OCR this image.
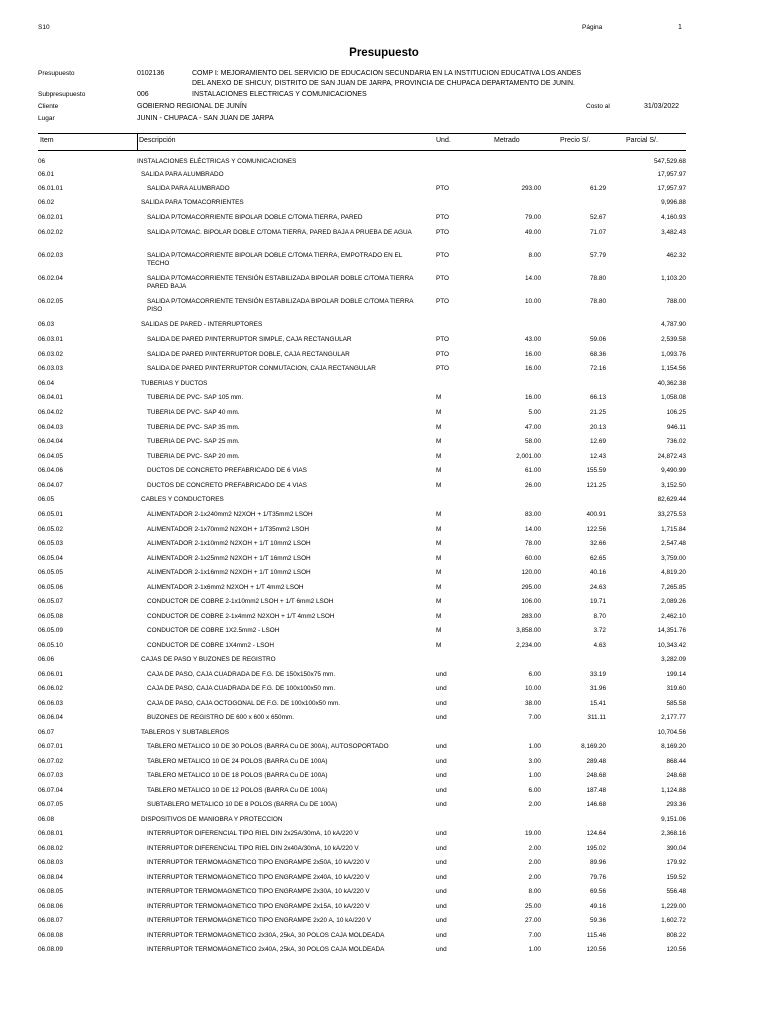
S10	Página	1
Presupuesto
Presupuesto	0102136	COMP I: MEJORAMIENTO DEL SERVICIO DE EDUCACION SECUNDARIA EN LA INSTITUCION EDUCATIVA LOS ANDES
DEL ANEXO DE SHICUY, DISTRITO DE SAN JUAN DE JARPA, PROVINCIA DE CHUPACA DEPARTAMENTO DE JUNIN.
Subpresupuesto	006	INSTALACIONES ELECTRICAS Y COMUNICACIONES
Cliente	GOBIERNO REGIONAL DE JUNÍN	Costo al	31/03/2022
Lugar	JUNIN - CHUPACA - SAN JUAN DE JARPA
Item	Descripción	Und.	Metrado	Precio S/.	Parcial S/.
06	INSTALACIONES ELÉCTRICAS Y COMUNICACIONES	547,529.68
06.01	SALIDA PARA ALUMBRADO	17,957.97
06.01.01	SALIDA PARA ALUMBRADO	PTO	293.00	61.29	17,957.97
06.02	SALIDA PARA TOMACORRIENTES	9,996.88
06.02.01	SALIDA P/TOMACORRIENTE BIPOLAR DOBLE C/TOMA TIERRA, PARED	PTO	79.00	52.67	4,160.93
06.02.02	SALIDA P/TOMAC. BIPOLAR DOBLE C/TOMA TIERRA, PARED BAJA A PRUEBA DE AGUA	PTO	49.00	71.07	3,482.43
06.02.03	SALIDA P/TOMACORRIENTE BIPOLAR DOBLE C/TOMA TIERRA, EMPOTRADO EN EL TECHO
PTO	8.00	57.79	462.32
06.02.04	SALIDA P/TOMACORRIENTE TENSIÓN ESTABILIZADA BIPOLAR DOBLE C/TOMA TIERRA PARED BAJA
PTO	14.00	78.80	1,103.20
06.02.05	SALIDA P/TOMACORRIENTE TENSIÓN ESTABILIZADA BIPOLAR DOBLE C/TOMA TIERRA PISO
PTO	10.00	78.80	788.00
06.03	SALIDAS DE PARED - INTERRUPTORES	4,787.90
06.03.01	SALIDA DE PARED P/INTERRUPTOR SIMPLE, CAJA RECTANGULAR	PTO	43.00	59.06	2,539.58
06.03.02	SALIDA DE PARED P/INTERRUPTOR DOBLE, CAJA RECTANGULAR	PTO	16.00	68.36	1,093.76
06.03.03	SALIDA DE PARED P/INTERRUPTOR CONMUTACION, CAJA RECTANGULAR	PTO	16.00	72.16	1,154.56
06.04	TUBERIAS Y DUCTOS	40,362.38
06.04.01	TUBERIA DE PVC- SAP 105 mm.	M	16.00	66.13	1,058.08
06.04.02	TUBERIA DE PVC- SAP 40 mm.	M	5.00	21.25	106.25
06.04.03	TUBERIA DE PVC- SAP 35 mm.	M	47.00	20.13	946.11
06.04.04	TUBERIA DE PVC- SAP 25 mm.	M	58.00	12.69	736.02
06.04.05	TUBERIA DE PVC- SAP 20 mm.	M	2,001.00	12.43	24,872.43
06.04.06	DUCTOS DE CONCRETO PREFABRICADO DE 6 VIAS	M	61.00	155.59	9,490.99
06.04.07	DUCTOS DE CONCRETO PREFABRICADO DE 4 VIAS	M	26.00	121.25	3,152.50
06.05	CABLES Y CONDUCTORES	82,629.44
06.05.01	ALIMENTADOR 2-1x240mm2 N2XOH + 1/T35mm2 LSOH	M	83.00	400.91	33,275.53
06.05.02	ALIMENTADOR 2-1x70mm2 N2XOH + 1/T35mm2 LSOH	M	14.00	122.56	1,715.84
06.05.03	ALIMENTADOR 2-1x10mm2 N2XOH + 1/T 10mm2 LSOH	M	78.00	32.66	2,547.48
06.05.04	ALIMENTADOR 2-1x25mm2 N2XOH + 1/T 16mm2 LSOH	M	60.00	62.65	3,759.00
06.05.05	ALIMENTADOR 2-1x16mm2 N2XOH + 1/T 10mm2 LSOH	M	120.00	40.16	4,819.20
06.05.06	ALIMENTADOR 2-1x6mm2 N2XOH + 1/T 4mm2 LSOH	M	295.00	24.63	7,265.85
06.05.07	CONDUCTOR DE COBRE 2-1x10mm2 LSOH + 1/T 6mm2 LSOH	M	106.00	19.71	2,089.26
06.05.08	CONDUCTOR DE COBRE 2-1x4mm2 N2XOH + 1/T 4mm2 LSOH	M	283.00	8.70	2,462.10
06.05.09	CONDUCTOR DE COBRE 1X2.5mm2 - LSOH	M	3,858.00	3.72	14,351.76
06.05.10	CONDUCTOR DE COBRE 1X4mm2 - LSOH	M	2,234.00	4.63	10,343.42
06.06	CAJAS DE PASO Y BUZONES DE REGISTRO	3,282.09
06.06.01	CAJA DE PASO, CAJA CUADRADA DE F.G. DE 150x150x75 mm.	und	6.00	33.19	199.14
06.06.02	CAJA DE PASO, CAJA CUADRADA DE F.G. DE 100x100x50 mm.	und	10.00	31.96	319.60
06.06.03	CAJA DE PASO, CAJA OCTOGONAL DE F.G. DE 100x100x50 mm.	und	38.00	15.41	585.58
06.06.04	BUZONES DE REGISTRO DE 600 x 600 x 650mm.	und	7.00	311.11	2,177.77
06.07	TABLEROS Y SUBTABLEROS	10,704.56
06.07.01	TABLERO METALICO 10 DE 30 POLOS (BARRA Cu DE 300A), AUTOSOPORTADO	und	1.00	8,169.20	8,169.20
06.07.02	TABLERO METALICO 10 DE 24 POLOS (BARRA Cu DE 100A)	und	3.00	289.48	868.44
06.07.03	TABLERO METALICO 10 DE 18 POLOS (BARRA Cu DE 100A)	und	1.00	248.68	248.68
06.07.04	TABLERO METALICO 10 DE 12 POLOS (BARRA Cu DE 100A)	und	6.00	187.48	1,124.88
06.07.05	SUBTABLERO METALICO 10 DE 8 POLOS (BARRA Cu DE 100A)	und	2.00	146.68	293.36
06.08	DISPOSITIVOS DE MANIOBRA Y PROTECCION	9,151.06
06.08.01	INTERRUPTOR DIFERENCIAL TIPO RIEL DIN 2x25A/30mA, 10 kA/220 V	und	19.00	124.64	2,368.16
06.08.02	INTERRUPTOR DIFERENCIAL TIPO RIEL DIN 2x40A/30mA, 10 kA/220 V	und	2.00	195.02	390.04
06.08.03	INTERRUPTOR TERMOMAGNETICO TIPO ENGRAMPE 2x50A, 10 kA/220 V	und	2.00	89.96	179.92
06.08.04	INTERRUPTOR TERMOMAGNETICO TIPO ENGRAMPE 2x40A, 10 kA/220 V	und	2.00	79.76	159.52
06.08.05	INTERRUPTOR TERMOMAGNETICO TIPO ENGRAMPE 2x30A, 10 kA/220 V	und	8.00	69.56	556.48
06.08.06	INTERRUPTOR TERMOMAGNETICO TIPO ENGRAMPE 2x15A, 10 kA/220 V	und	25.00	49.16	1,229.00
06.08.07	INTERRUPTOR TERMOMAGNETICO TIPO ENGRAMPE 2x20 A, 10 kA/220 V	und	27.00	59.36	1,602.72
06.08.08	INTERRUPTOR TERMOMAGNETICO 2x30A, 25kA, 30 POLOS CAJA MOLDEADA	und	7.00	115.46	808.22
06.08.09	INTERRUPTOR TERMOMAGNETICO 2x40A, 25kA, 30 POLOS CAJA MOLDEADA	und	1.00	120.56	120.56
